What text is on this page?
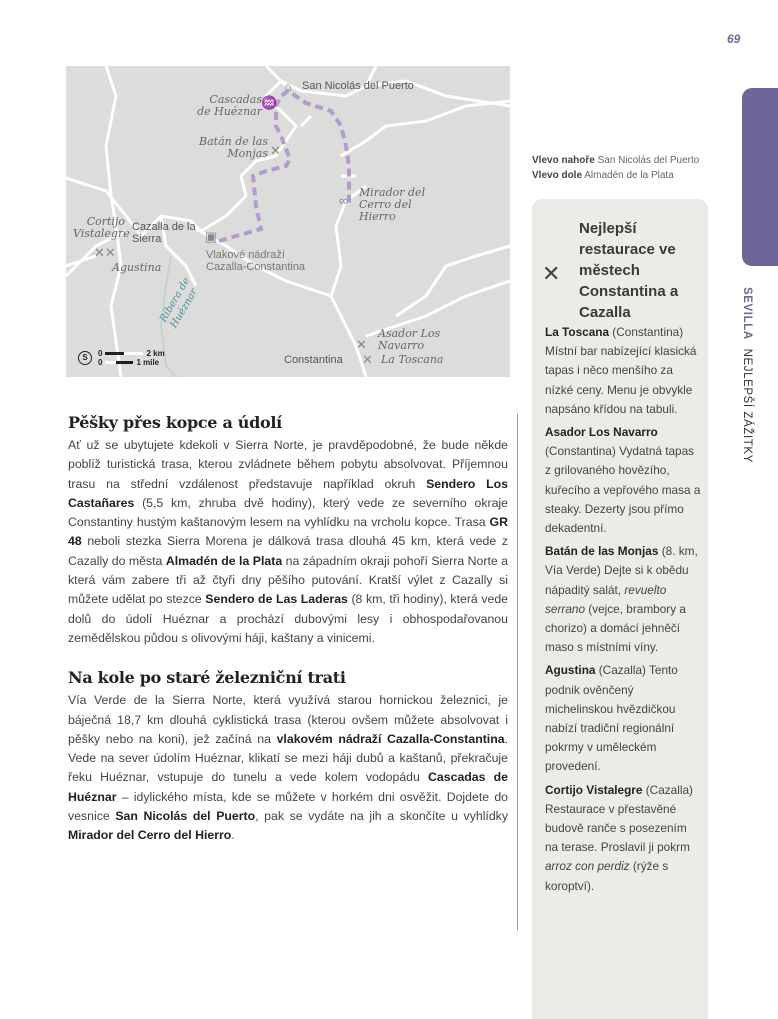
69
SEVILLA NEJLEPŠÍ ZÁŽITKY
⌂ San Nicolás del Puerto
♒
Cascadas de Huéznar
✕
Batán de las Monjas
∞
Mirador del Cerro del Hierro
Cortijo Vistalegre Cazalla de la Sierra
✕✕
Agustina
▣
Vlakové nádraží Cazalla-Constantina
Ribera de Huéznar
✕
Asador Los Navarro
Constantina ✕ La Toscana
S	0	2 km
0	1 mile
Vlevo nahoře San Nicolás del Puerto
Vlevo dole Almadén de la Plata
✕
Nejlepší restaurace ve městech Constantina a Cazalla
La Toscana (Constantina) Místní bar nabízející klasická tapas i něco menšího za nízké ceny. Menu je obvykle napsáno křídou na tabuli.
Asador Los Navarro (Constantina) Vydatná tapas z grilovaného hovězího, kuřecího a vepřového masa a steaky. Dezerty jsou přímo dekadentní.
Batán de las Monjas (8. km, Vía Verde) Dejte si k obědu nápaditý salát, revuelto serrano (vejce, brambory a chorizo) a domácí jehněčí maso s místními víny.
Agustina (Cazalla) Tento podnik ověnčený michelinskou hvězdičkou nabízí tradiční regionální pokrmy v uměleckém provedení.
Cortijo Vistalegre (Cazalla) Restaurace v přestavěné budově ranče s posezením na terase. Proslavil ji pokrm arroz con perdiz (rýže s koroptví).
Pěšky přes kopce a údolí

Ať už se ubytujete kdekoli v Sierra Norte, je pravděpodobné, že bude někde poblíž turistická trasa, kterou zvládnete během pobytu absolvovat. Příjemnou trasu na střední vzdálenost představuje například okruh Sendero Los Castañares (5,5 km, zhruba dvě hodiny), který vede ze severního okraje Constantiny hustým kaštanovým lesem na vyhlídku na vrcholu kopce. Trasa GR 48 neboli stezka Sierra Morena je dálková trasa dlouhá 45 km, která vede z Cazally do města Almadén de la Plata na západním okraji pohoří Sierra Norte a která vám zabere tři až čtyři dny pěšího putování. Kratší výlet z Cazally si můžete udělat po stezce Sendero de Las Laderas (8 km, tři hodiny), která vede dolů do údolí Huéznar a prochází dubovými lesy i obhospodařovanou zemědělskou půdou s olivovými háji, kaštany a vinicemi.

Na kole po staré železniční trati

Vía Verde de la Sierra Norte, která využívá starou hornickou železnici, je báječná 18,7 km dlouhá cyklistická trasa (kterou ovšem můžete absolvovat i pěšky nebo na koni), jež začíná na vlakovém nádraží Cazalla-Constantina. Vede na sever údolím Huéznar, klikatí se mezi háji dubů a kaštanů, překračuje řeku Huéznar, vstupuje do tunelu a vede kolem vodopádu Cascadas de Huéznar – idylického místa, kde se můžete v horkém dni osvěžit. Dojdete do vesnice San Nicolás del Puerto, pak se vydáte na jih a skončíte u vyhlídky Mirador del Cerro del Hierro.
